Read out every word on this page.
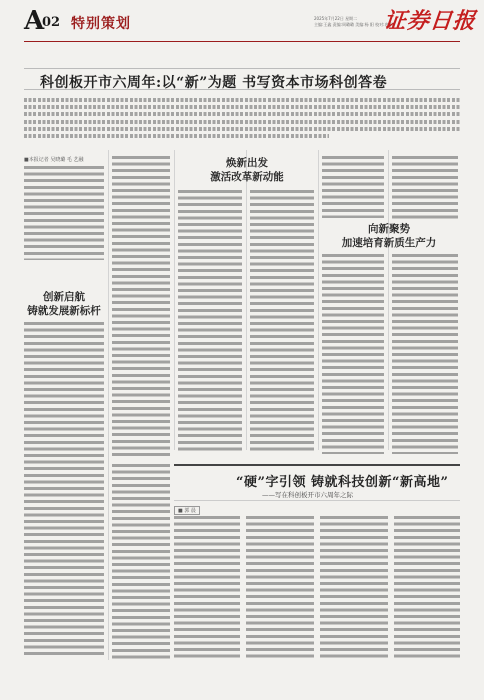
A
02 特别策划	2025年7月22日 星期二
主编:王鑫 责编:周璐璐 美编:杨 阳 校对:冉 怀
证券日报
科创板开市六周年:以“新”为题 书写资本市场科创答卷
■本报记者 吴晓璐 毛 艺融
创新启航
铸就发展新标杆
焕新出发
激活改革新动能
向新聚势
加速培育新质生产力
“硬”字引领 铸就科技创新“新高地”
——写在科创板开市六周年之际
■ 郭 晨
